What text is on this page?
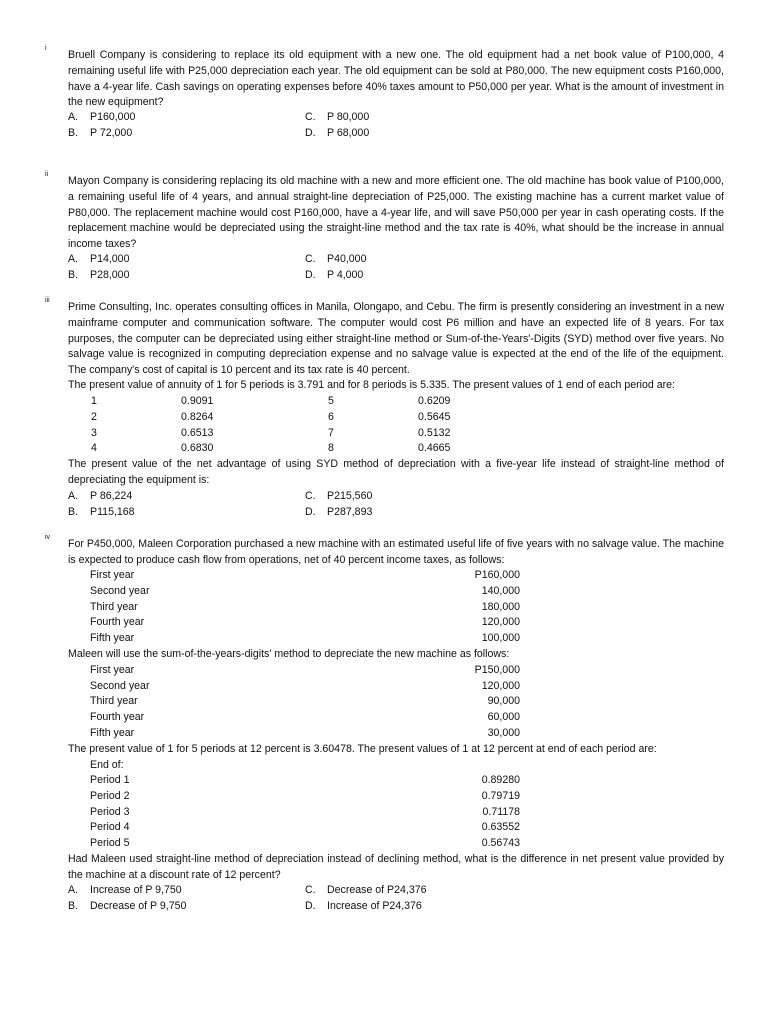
i

Bruell Company is considering to replace its old equipment with a new one. The old equipment had a net book value of P100,000, 4 remaining useful life with P25,000 depreciation each year. The old equipment can be sold at P80,000. The new equipment costs P160,000, have a 4-year life. Cash savings on operating expenses before 40% taxes amount to P50,000 per year. What is the amount of investment in the new equipment?

A. P160,000
B. P 72,000
C. P 80,000
D. P 68,000
ii

Mayon Company is considering replacing its old machine with a new and more efficient one. The old machine has book value of P100,000, a remaining useful life of 4 years, and annual straight-line depreciation of P25,000. The existing machine has a current market value of P80,000. The replacement machine would cost P160,000, have a 4-year life, and will save P50,000 per year in cash operating costs. If the replacement machine would be depreciated using the straight-line method and the tax rate is 40%, what should be the increase in annual income taxes?

A. P14,000
B. P28,000
C. P40,000
D. P 4,000
iii

Prime Consulting, Inc. operates consulting offices in Manila, Olongapo, and Cebu. The firm is presently considering an investment in a new mainframe computer and communication software. The computer would cost P6 million and have an expected life of 8 years. For tax purposes, the computer can be depreciated using either straight-line method or Sum-of-the-Years'-Digits (SYD) method over five years. No salvage value is recognized in computing depreciation expense and no salvage value is expected at the end of the life of the equipment. The company's cost of capital is 10 percent and its tax rate is 40 percent.

The present value of annuity of 1 for 5 periods is 3.791 and for 8 periods is 5.335. The present values of 1 end of each period are:
1	0.9091	5	0.6209
2	0.8264	6	0.5645
3	0.6513	7	0.5132
4	0.6830	8	0.4665

The present value of the net advantage of using SYD method of depreciation with a five-year life instead of straight-line method of depreciating the equipment is:

A. P 86,224
B. P115,168
C. P215,560
D. P287,893
iv

For P450,000, Maleen Corporation purchased a new machine with an estimated useful life of five years with no salvage value. The machine is expected to produce cash flow from operations, net of 40 percent income taxes, as follows:

First year	P160,000
Second year	140,000
Third year	180,000
Fourth year	120,000
Fifth year	100,000
Maleen will use the sum-of-the-years-digits' method to depreciate the new machine as follows:
First year	P150,000
Second year	120,000
Third year	90,000
Fourth year	60,000
Fifth year	30,000
The present value of 1 for 5 periods at 12 percent is 3.60478. The present values of 1 at 12 percent at end of each period are:
End of:
Period 1	0.89280
Period 2	0.79719
Period 3	0.71178
Period 4	0.63552
Period 5	0.56743

Had Maleen used straight-line method of depreciation instead of declining method, what is the difference in net present value provided by the machine at a discount rate of 12 percent?

A. Increase of P 9,750
B. Decrease of P 9,750
C. Decrease of P24,376
D. Increase of P24,376
